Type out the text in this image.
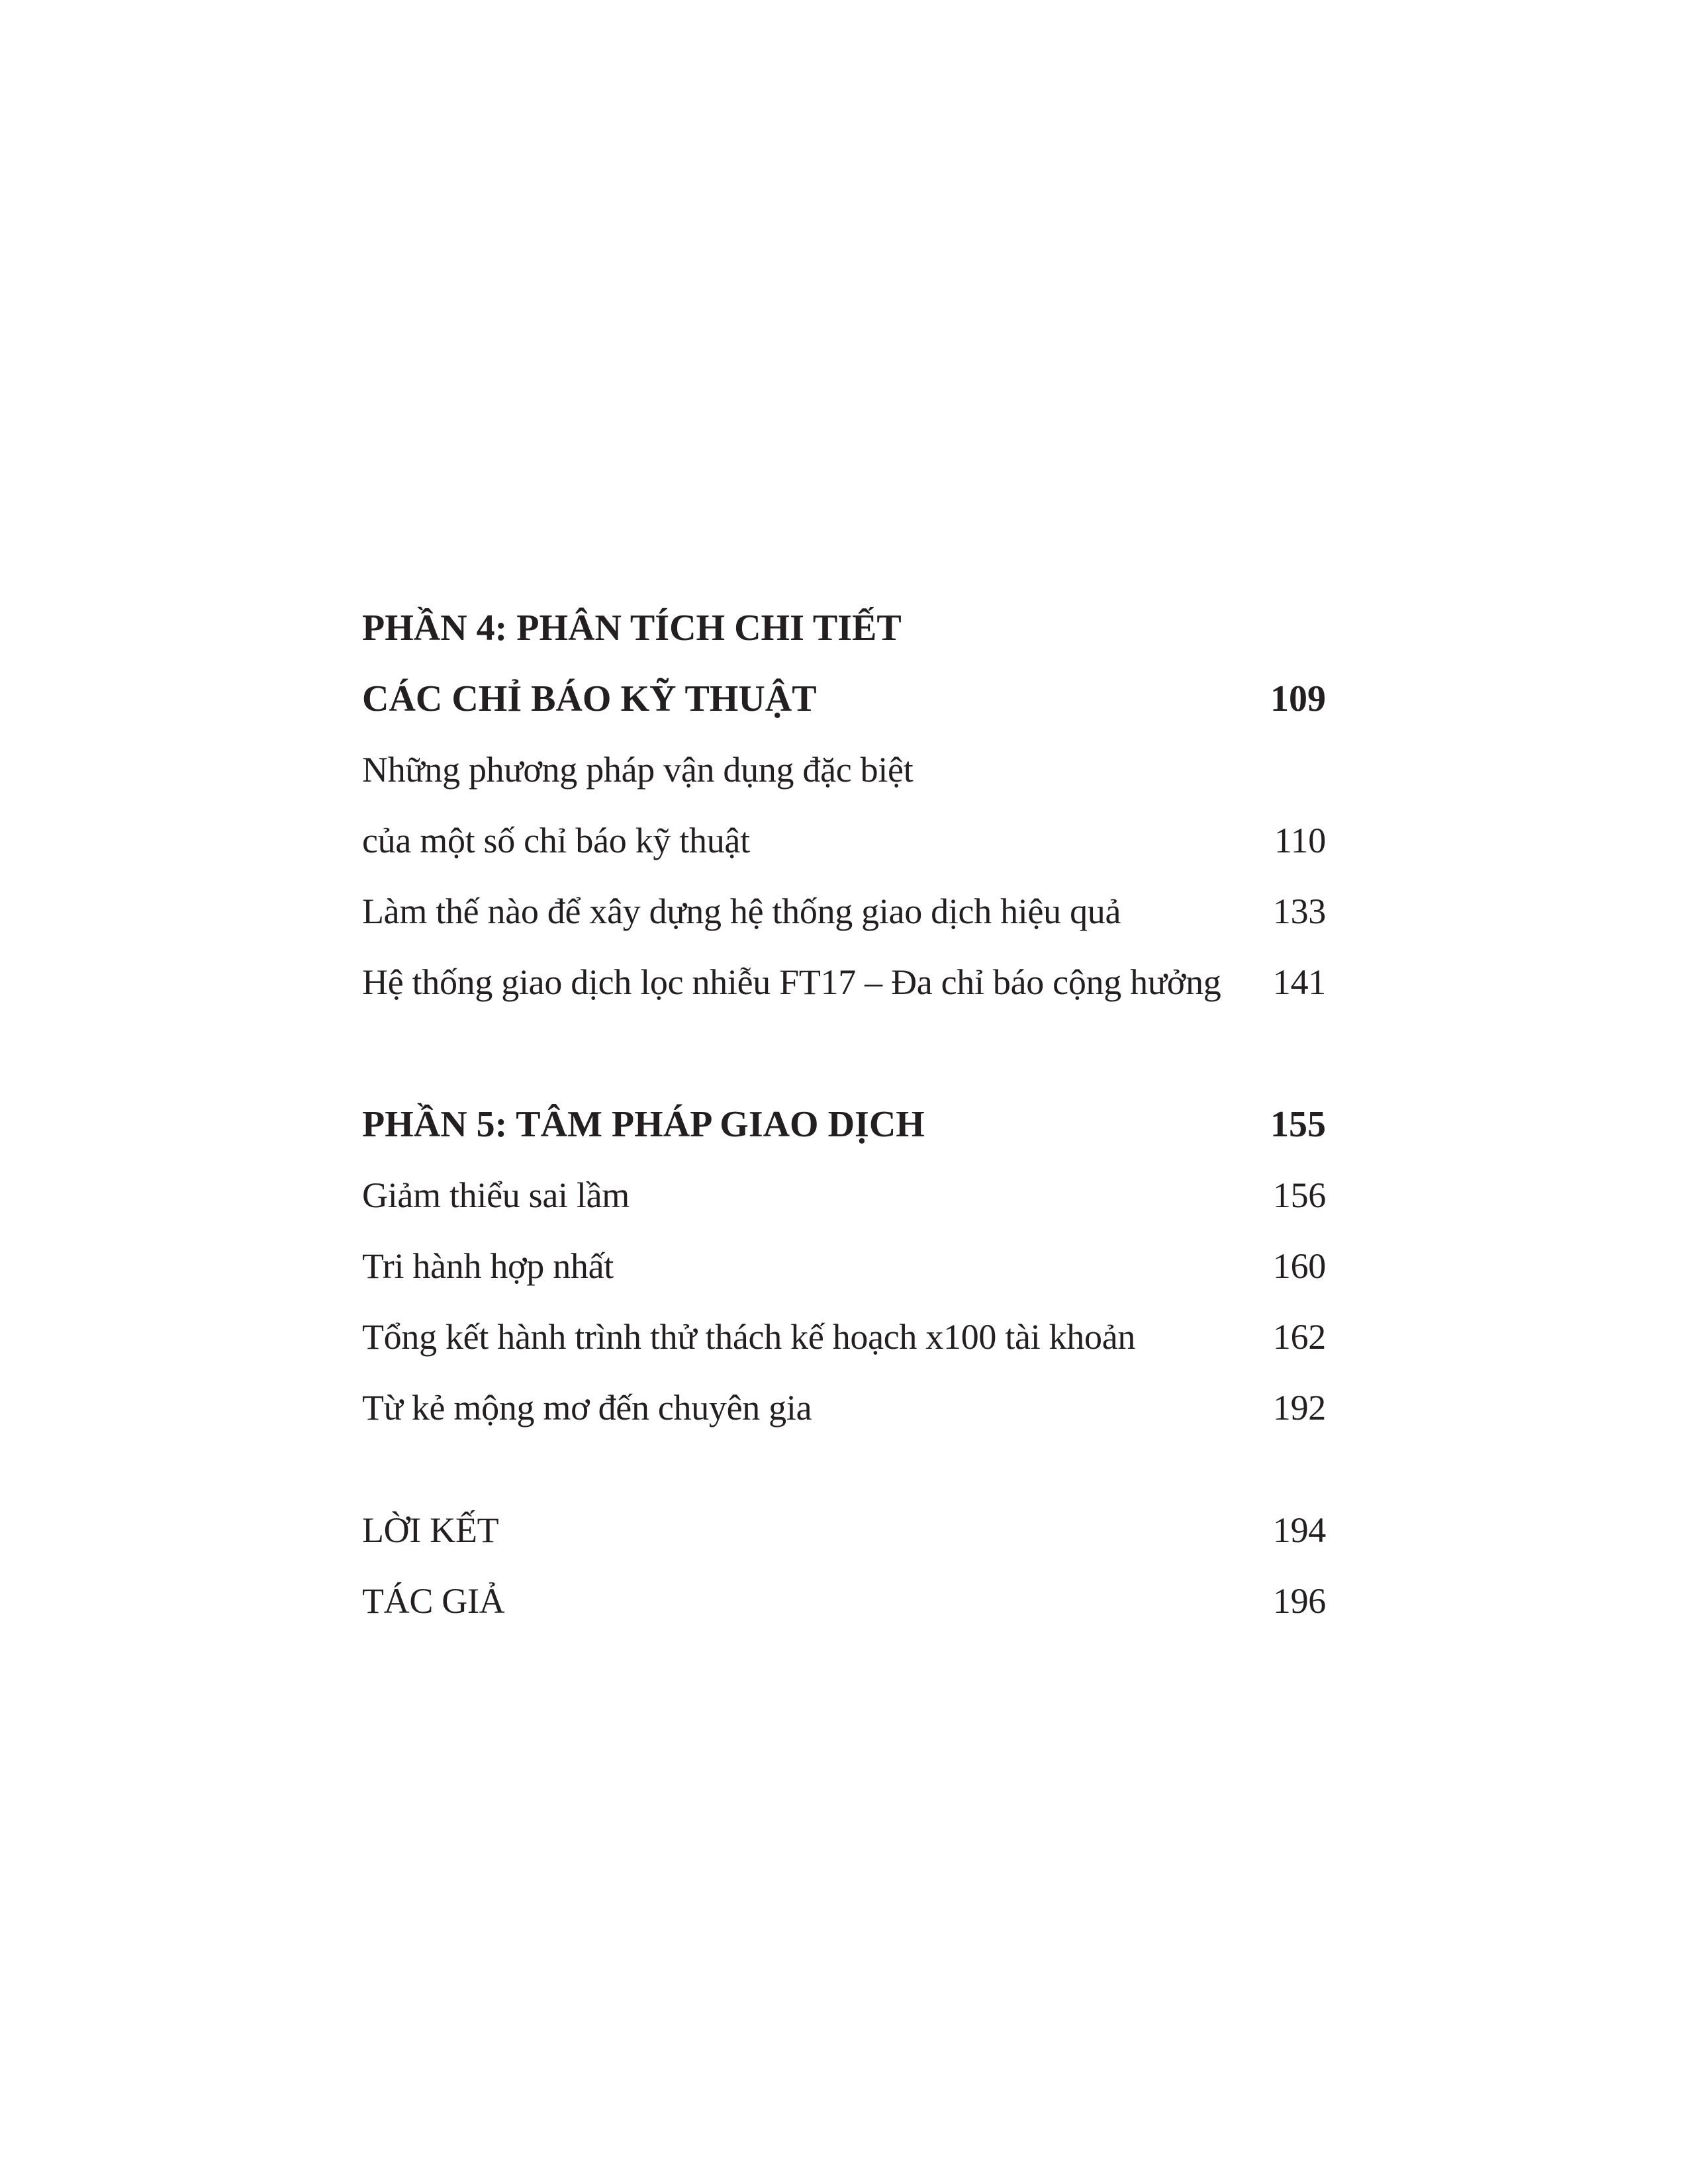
PHẦN 4: PHÂN TÍCH CHI TIẾT
CÁC CHỈ BÁO KỸ THUẬT	109
Những phương pháp vận dụng đặc biệt
của một số chỉ báo kỹ thuật	110
Làm thế nào để xây dựng hệ thống giao dịch hiệu quả	133
Hệ thống giao dịch lọc nhiễu FT17 – Đa chỉ báo cộng hưởng 141
PHẦN 5: TÂM PHÁP GIAO DỊCH	155
Giảm thiểu sai lầm	156
Tri hành hợp nhất	160
Tổng kết hành trình thử thách kế hoạch x100 tài khoản	162
Từ kẻ mộng mơ đến chuyên gia	192
LỜI KẾT	194
TÁC GIẢ	196
